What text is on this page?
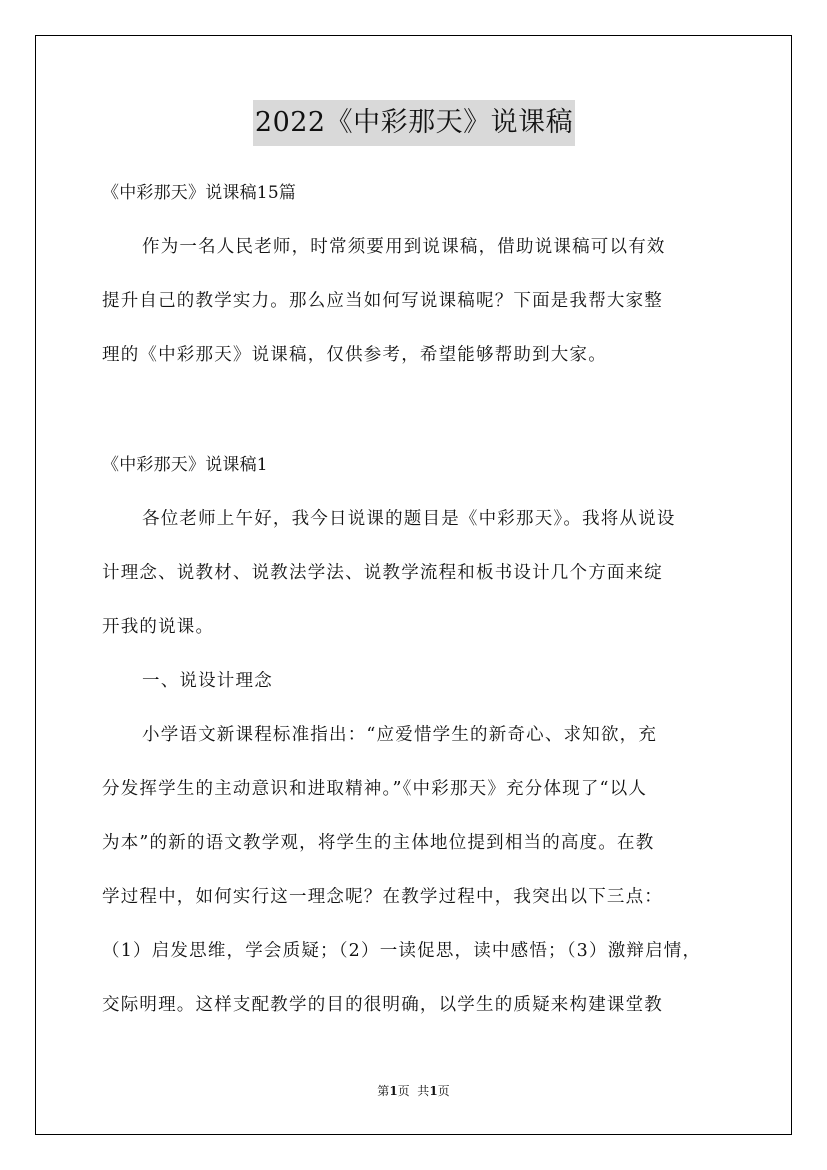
2022《中彩那天》说课稿
《中彩那天》说课稿15篇
作为一名人民老师，时常须要用到说课稿，借助说课稿可以有效
提升自己的教学实力。那么应当如何写说课稿呢？下面是我帮大家整
理的《中彩那天》说课稿，仅供参考，希望能够帮助到大家。
《中彩那天》说课稿1
各位老师上午好，我今日说课的题目是《中彩那天》。我将从说设
计理念、说教材、说教法学法、说教学流程和板书设计几个方面来绽
开我的说课。
一、说设计理念
小学语文新课程标准指出：“应爱惜学生的新奇心、求知欲，充
分发挥学生的主动意识和进取精神。”《中彩那天》充分体现了“以人
为本”的新的语文教学观，将学生的主体地位提到相当的高度。在教
学过程中，如何实行这一理念呢？在教学过程中，我突出以下三点：
（1）启发思维，学会质疑；（2）一读促思，读中感悟；（3）激辩启情，
交际明理。这样支配教学的目的很明确，以学生的质疑来构建课堂教
第1页  共1页
